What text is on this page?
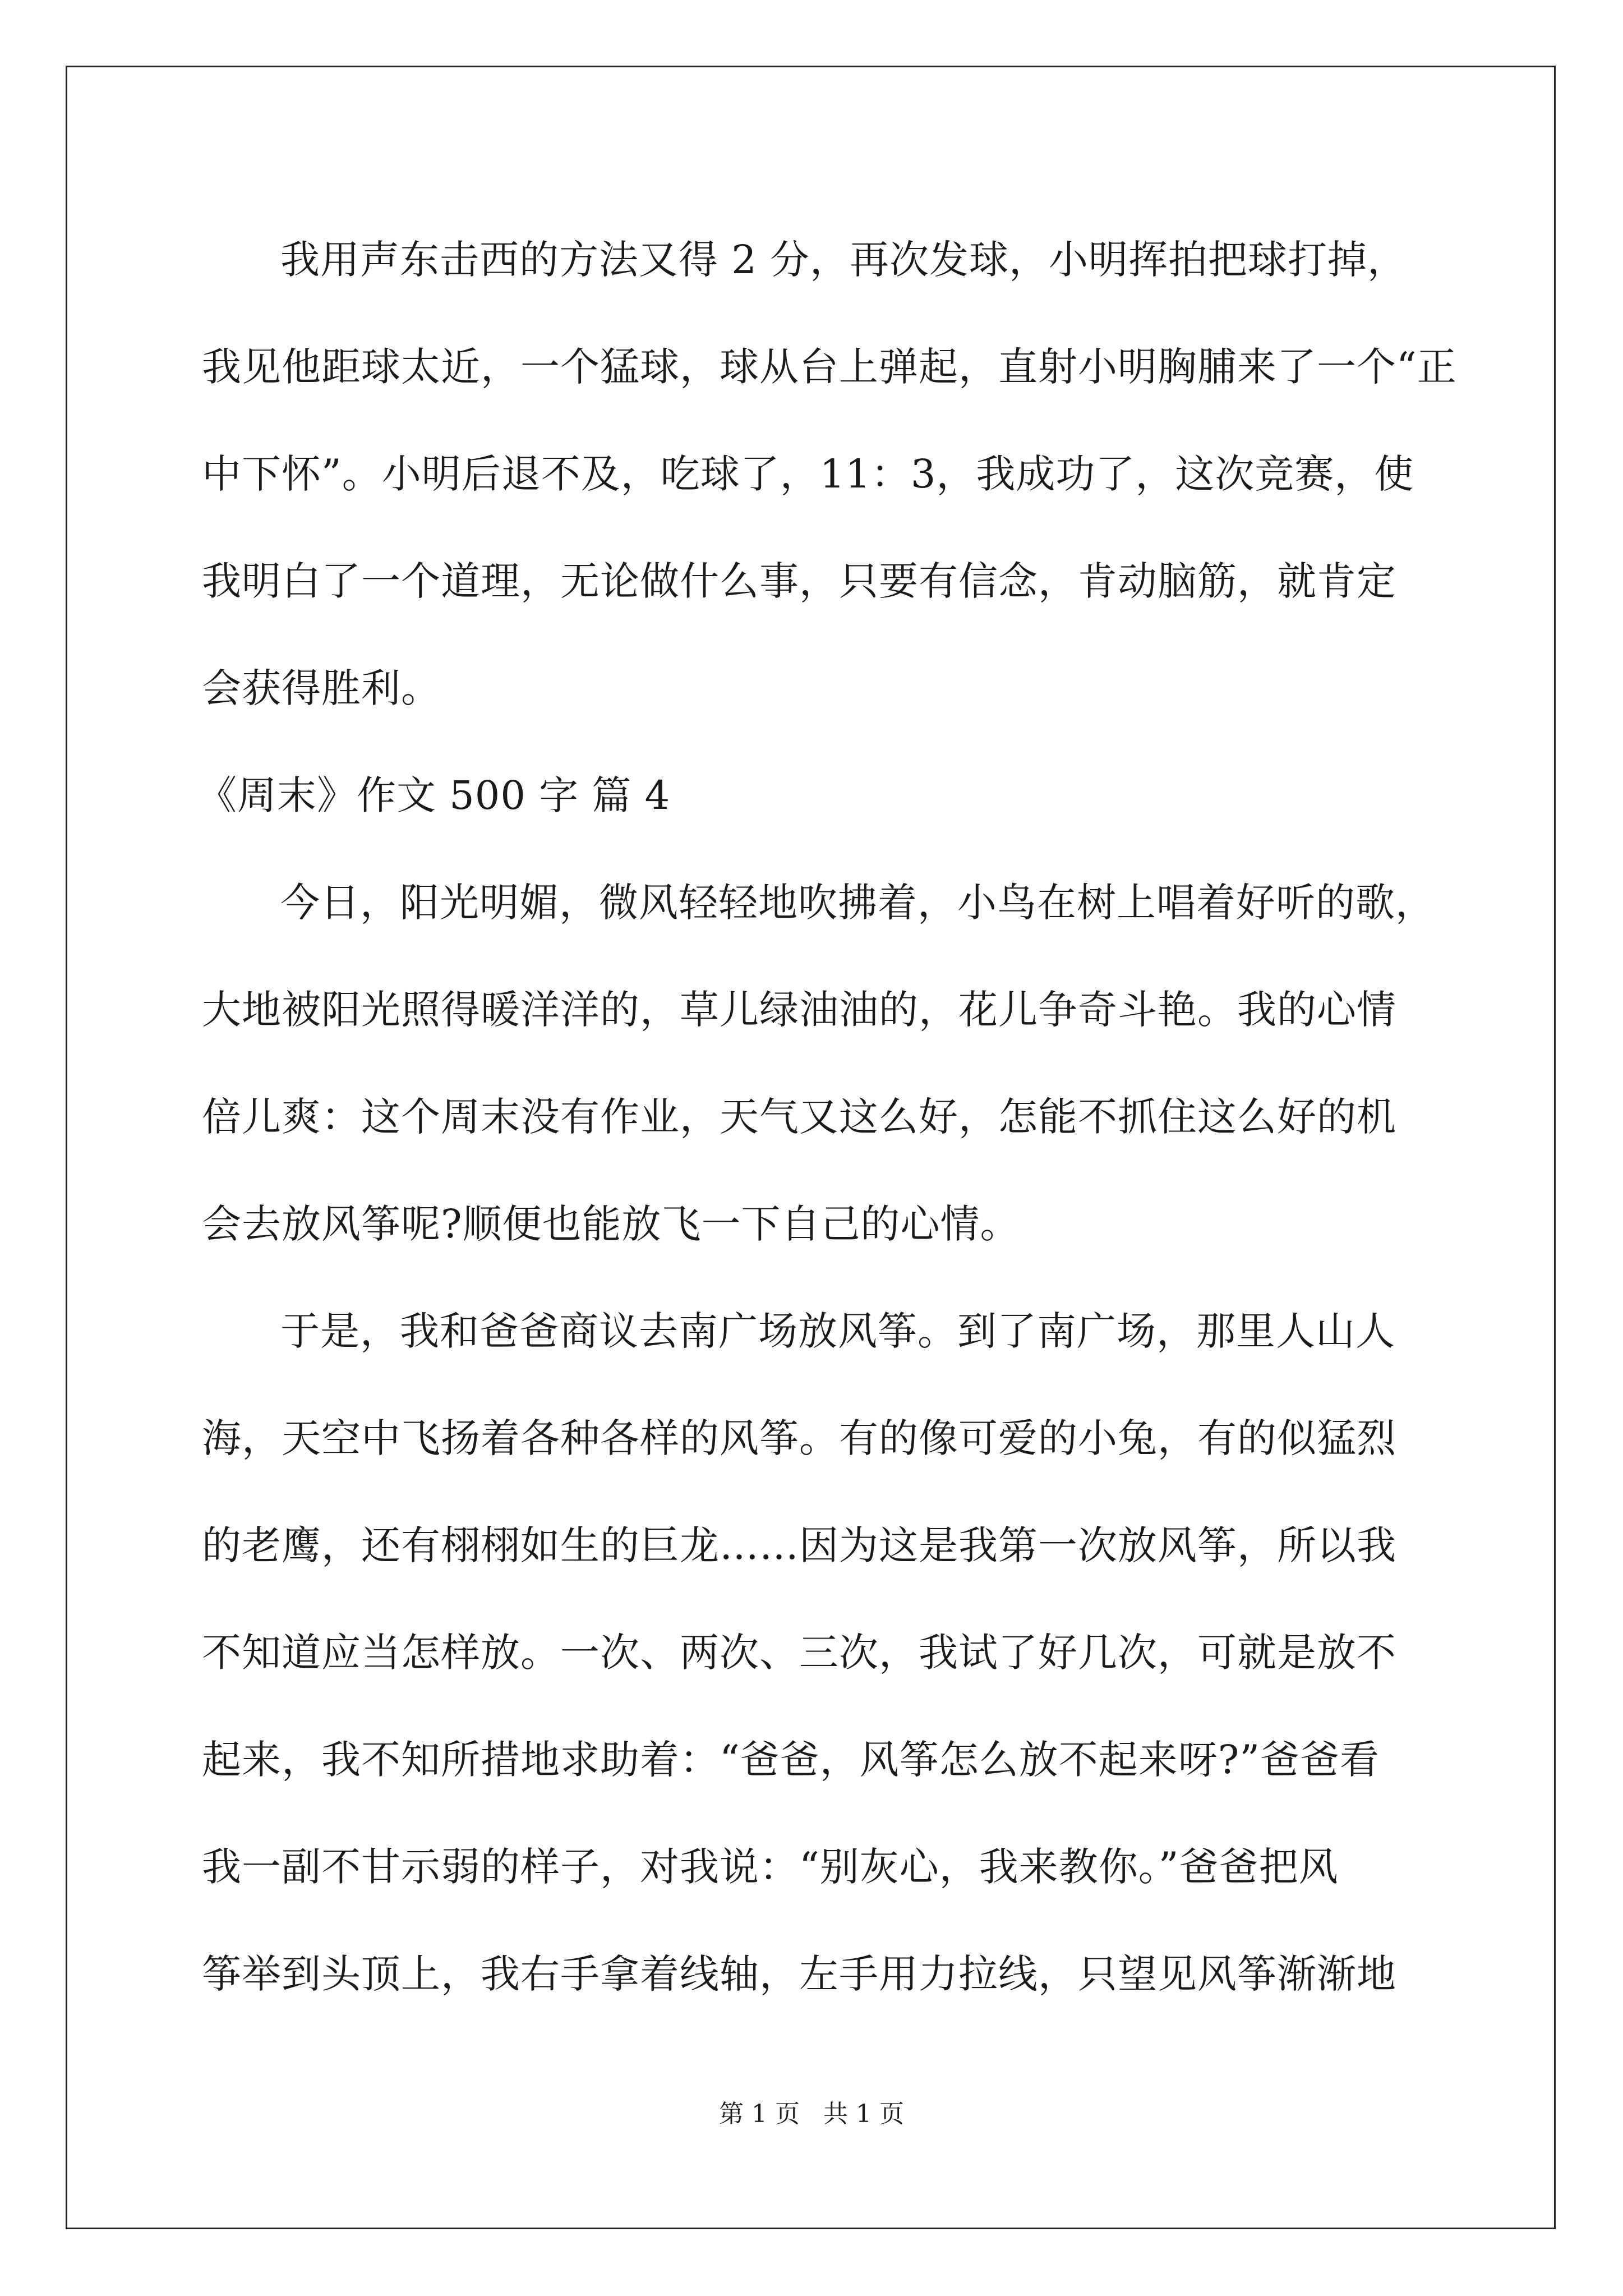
我用声东击西的方法又得 2 分，再次发球，小明挥拍把球打掉，
我见他距球太近，一个猛球，球从台上弹起，直射小明胸脯来了一个“正
中下怀”。小明后退不及，吃球了，11：3，我成功了，这次竞赛，使
我明白了一个道理，无论做什么事，只要有信念，肯动脑筋，就肯定
会获得胜利。
《周末》作文 500 字 篇 4
今日，阳光明媚，微风轻轻地吹拂着，小鸟在树上唱着好听的歌，
大地被阳光照得暖洋洋的，草儿绿油油的，花儿争奇斗艳。我的心情
倍儿爽：这个周末没有作业，天气又这么好，怎能不抓住这么好的机
会去放风筝呢?顺便也能放飞一下自己的心情。
于是，我和爸爸商议去南广场放风筝。到了南广场，那里人山人
海，天空中飞扬着各种各样的风筝。有的像可爱的小兔，有的似猛烈
的老鹰，还有栩栩如生的巨龙……因为这是我第一次放风筝，所以我
不知道应当怎样放。一次、两次、三次，我试了好几次，可就是放不
起来，我不知所措地求助着：“爸爸，风筝怎么放不起来呀?”爸爸看
我一副不甘示弱的样子，对我说：“别灰心，我来教你。”爸爸把风
筝举到头顶上，我右手拿着线轴，左手用力拉线，只望见风筝渐渐地
第 1 页   共 1 页
